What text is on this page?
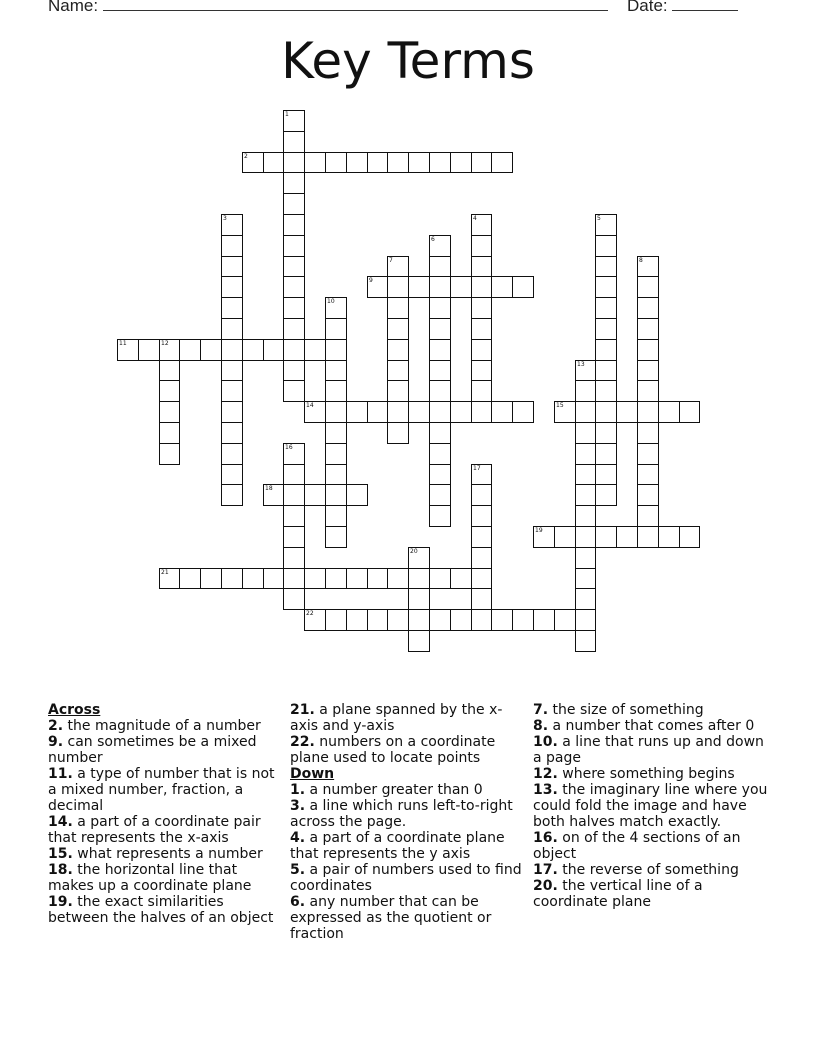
Name:	Date:
Key Terms
1
2
3	4	5
6
7	8
9
10
11	12
13
14	15
16
17
18
19
20
21
22
Across
2. the magnitude of a number
9. can sometimes be a mixed number
11. a type of number that is not a mixed number, fraction, a decimal
14. a part of a coordinate pair that represents the x-axis
15. what represents a number
18. the horizontal line that makes up a coordinate plane
19. the exact similarities between the halves of an object
21. a plane spanned by the x-axis and y-axis
22. numbers on a coordinate plane used to locate points
Down
1. a number greater than 0
3. a line which runs left-to-right across the page.
4. a part of a coordinate plane that represents the y axis
5. a pair of numbers used to find coordinates
6. any number that can be expressed as the quotient or fraction
7. the size of something
8. a number that comes after 0
10. a line that runs up and down a page
12. where something begins
13. the imaginary line where you could fold the image and have both halves match exactly.
16. on of the 4 sections of an object
17. the reverse of something
20. the vertical line of a coordinate plane
